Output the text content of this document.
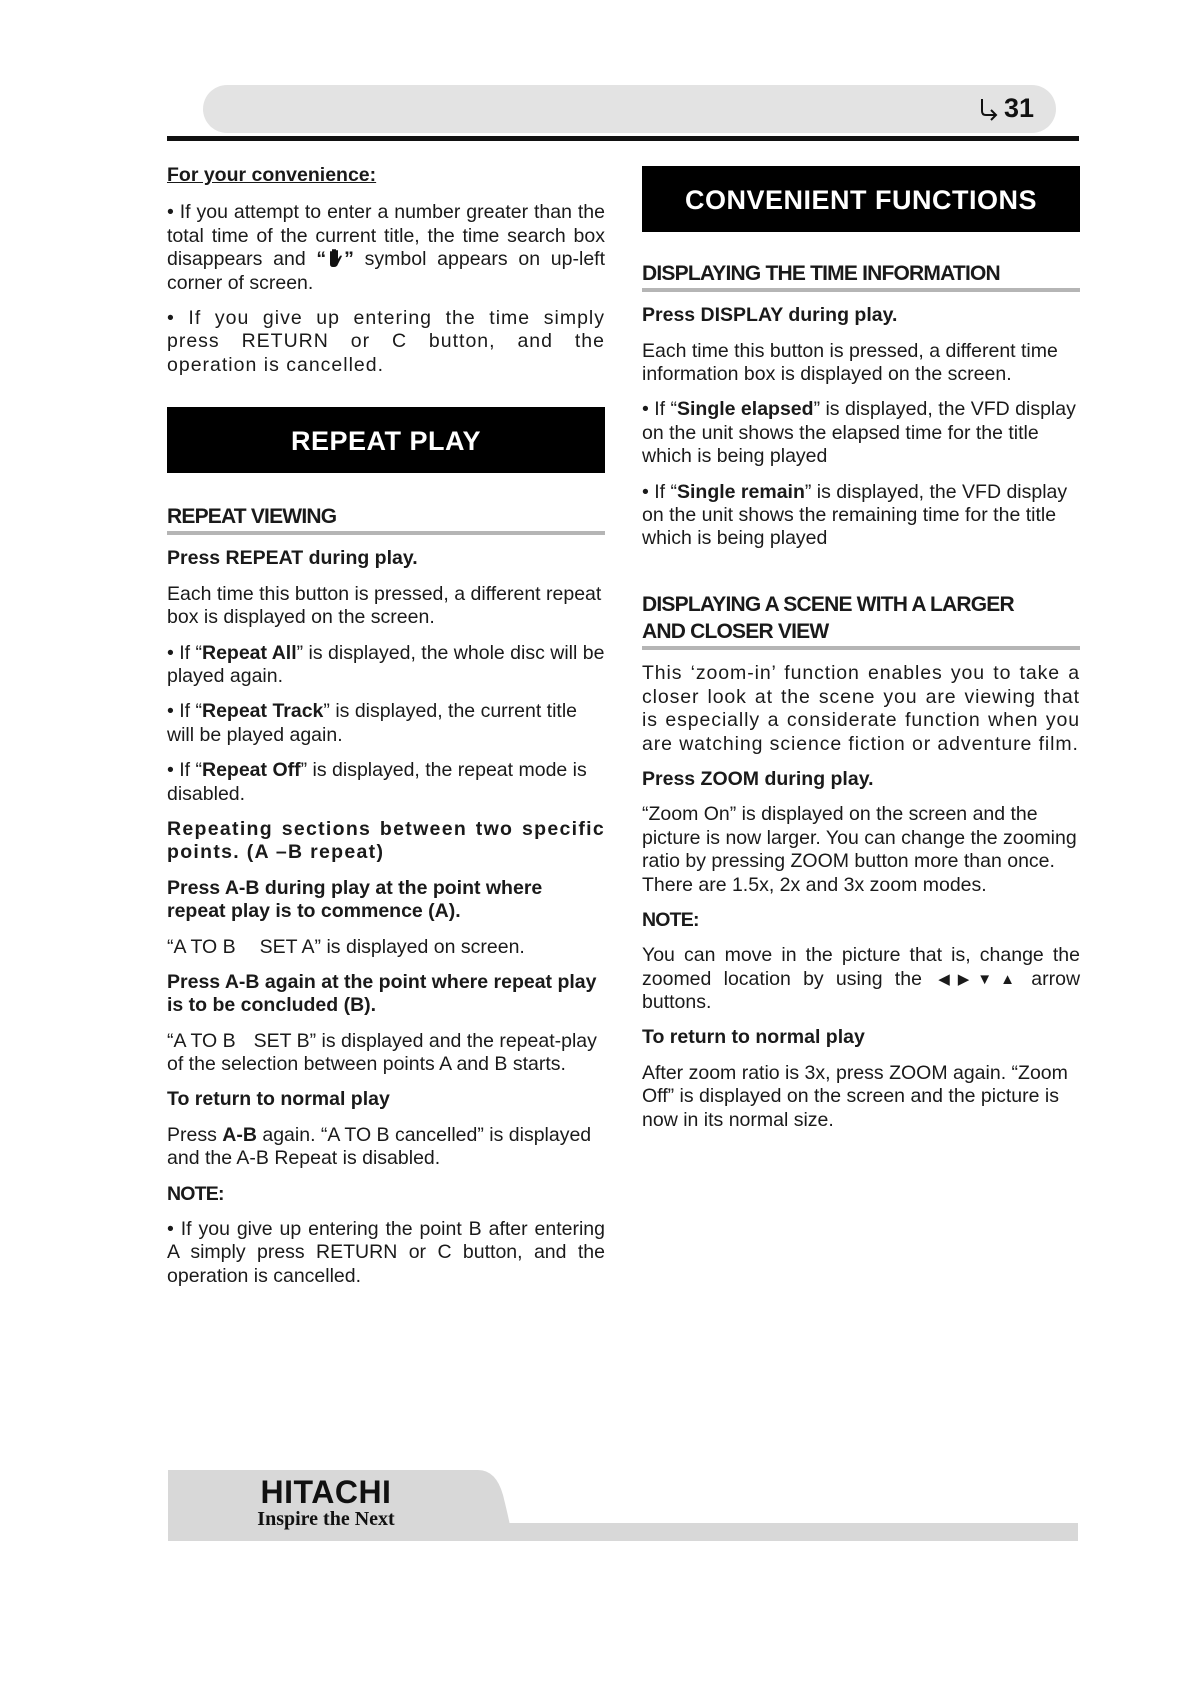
31
For your convenience:

• If you attempt to enter a number greater than the total time of the current title, the time search box disappears and “ ” symbol appears on up-left corner of screen.

• If you give up entering the time simply press RETURN or C button, and the operation is cancelled.

REPEAT PLAY
REPEAT VIEWING

Press REPEAT during play.

Each time this button is pressed, a different repeat box is displayed on the screen.

• If “Repeat All” is displayed, the whole disc will be played again.

• If “Repeat Track” is displayed, the current title will be played again.

• If “Repeat Off” is displayed, the repeat mode is disabled.

Repeating sections between two specific points. (A –B repeat)

Press A-B during play at the point where repeat play is to commence (A).

“A TO B SET A” is displayed on screen.

Press A-B again at the point where repeat play is to be concluded (B).

“A TO B SET B” is displayed and the repeat-play of the selection between points A and B starts.

To return to normal play

Press A-B again. “A TO B cancelled” is displayed and the A-B Repeat is disabled.

NOTE:

• If you give up entering the point B after entering A simply press RETURN or C button, and the operation is cancelled.

CONVENIENT FUNCTIONS
DISPLAYING THE TIME INFORMATION

Press DISPLAY during play.

Each time this button is pressed, a different time information box is displayed on the screen.

• If “Single elapsed” is displayed, the VFD display on the unit shows the elapsed time for the title which is being played

• If “Single remain” is displayed, the VFD display on the unit shows the remaining time for the title which is being played

DISPLAYING A SCENE WITH A LARGER
AND CLOSER VIEW

This ‘zoom-in’ function enables you to take a closer look at the scene you are viewing that is especially a considerate function when you are watching science fiction or adventure film.

Press ZOOM during play.

“Zoom On” is displayed on the screen and the picture is now larger. You can change the zooming ratio by pressing ZOOM button more than once. There are 1.5x, 2x and 3x zoom modes.

NOTE:

You can move in the picture that is, change the zoomed location by using the ◀ ▶ ▼ ▲ arrow buttons.

To return to normal play

After zoom ratio is 3x, press ZOOM again. “Zoom Off” is displayed on the screen and the picture is now in its normal size.

HITACHI
Inspire the Next
